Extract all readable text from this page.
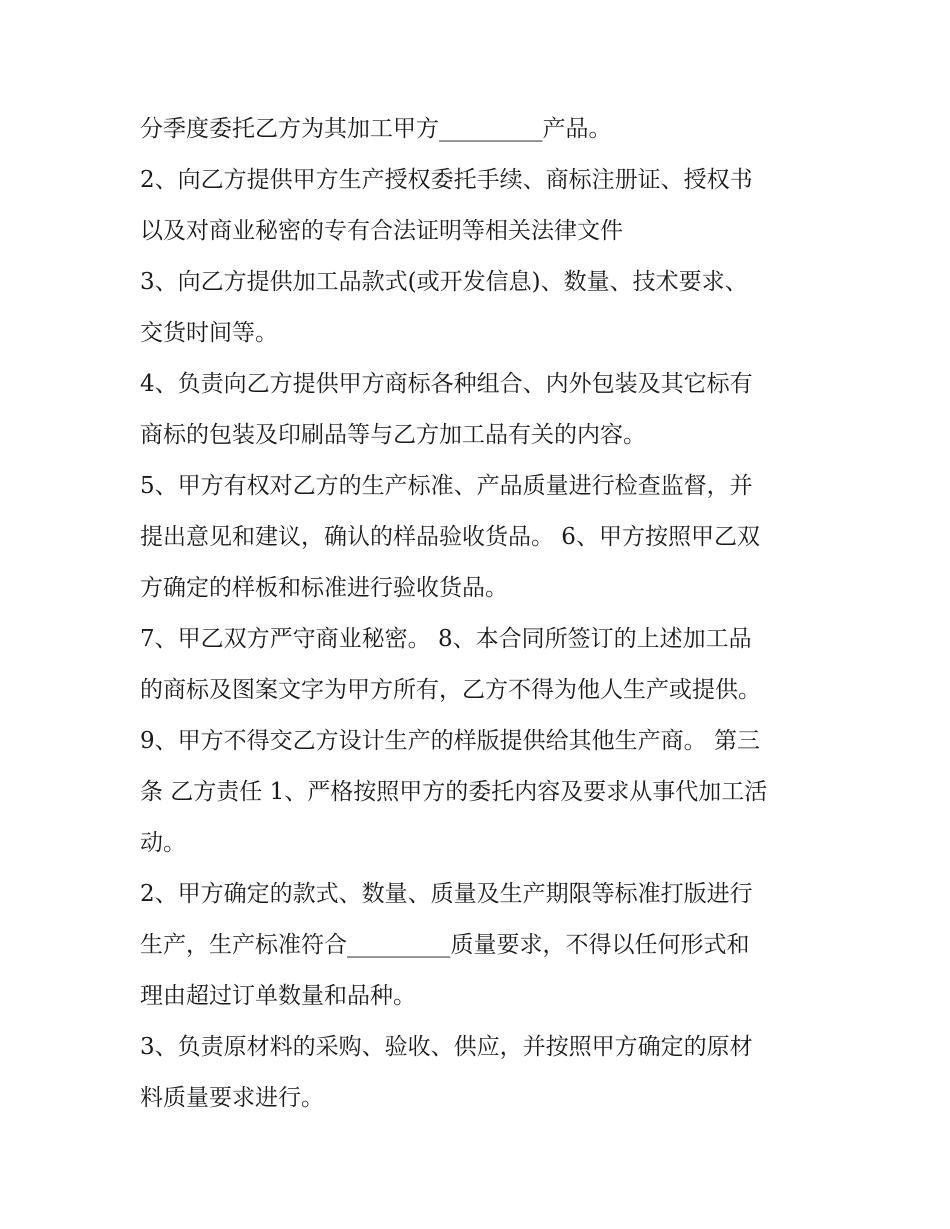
分季度委托乙方为其加工甲方_________产品。
2、向乙方提供甲方生产授权委托手续、商标注册证、授权书
以及对商业秘密的专有合法证明等相关法律文件
3、向乙方提供加工品款式(或开发信息)、数量、技术要求、
交货时间等。
4、负责向乙方提供甲方商标各种组合、内外包装及其它标有
商标的包装及印刷品等与乙方加工品有关的内容。
5、甲方有权对乙方的生产标准、产品质量进行检查监督，并
提出意见和建议，确认的样品验收货品。 6、甲方按照甲乙双
方确定的样板和标准进行验收货品。
7、甲乙双方严守商业秘密。 8、本合同所签订的上述加工品
的商标及图案文字为甲方所有，乙方不得为他人生产或提供。
9、甲方不得交乙方设计生产的样版提供给其他生产商。 第三
条 乙方责任 1、严格按照甲方的委托内容及要求从事代加工活
动。
2、甲方确定的款式、数量、质量及生产期限等标准打版进行
生产，生产标准符合_________质量要求，不得以任何形式和
理由超过订单数量和品种。
3、负责原材料的采购、验收、供应，并按照甲方确定的原材
料质量要求进行。
